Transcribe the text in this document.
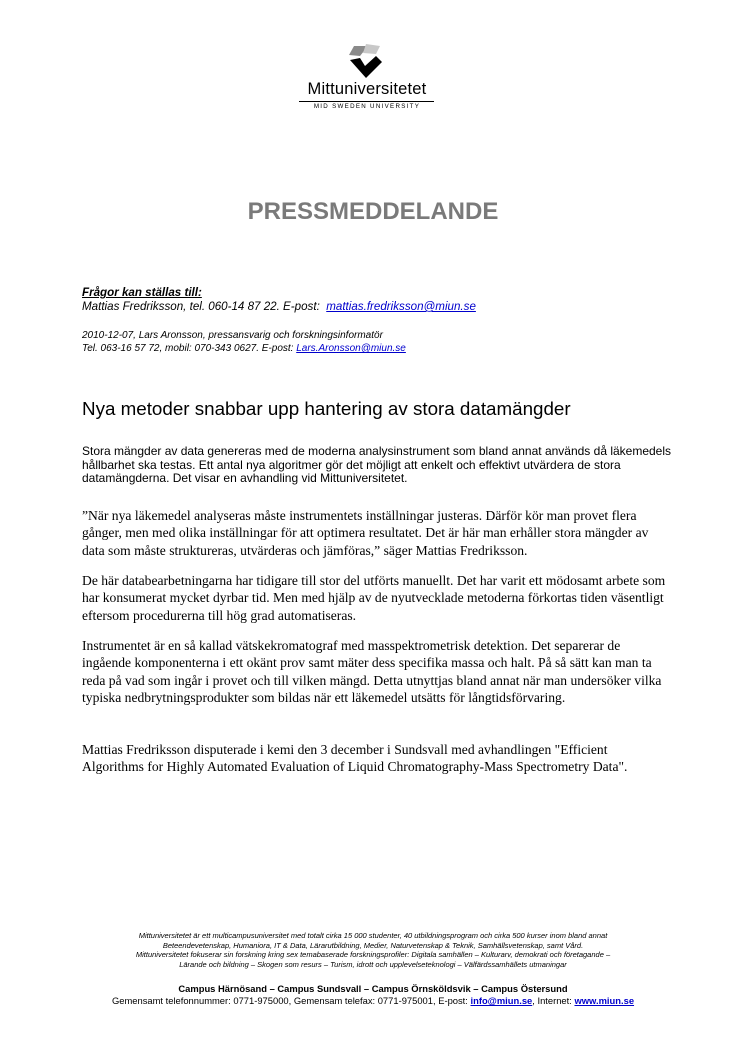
Mittuniversitetet
MID SWEDEN UNIVERSITY
PRESSMEDDELANDE
Frågor kan ställas till:
Mattias Fredriksson, tel. 060-14 87 22. E-post:  mattias.fredriksson@miun.se
2010-12-07, Lars Aronsson, pressansvarig och forskningsinformatör
Tel. 063-16 57 72, mobil: 070-343 0627. E-post: Lars.Aronsson@miun.se
Nya metoder snabbar upp hantering av stora datamängder
Stora mängder av data genereras med de moderna analysinstrument som bland annat används då läkemedels hållbarhet ska testas. Ett antal nya algoritmer gör det möjligt att enkelt och effektivt utvärdera de stora datamängderna. Det visar en avhandling vid Mittuniversitetet.
”När nya läkemedel analyseras måste instrumentets inställningar justeras. Därför kör man provet flera gånger, men med olika inställningar för att optimera resultatet. Det är här man erhåller stora mängder av data som måste struktureras, utvärderas och jämföras,” säger Mattias Fredriksson.
De här databearbetningarna har tidigare till stor del utförts manuellt. Det har varit ett mödosamt arbete som har konsumerat mycket dyrbar tid. Men med hjälp av de nyutvecklade metoderna förkortas tiden väsentligt eftersom procedurerna till hög grad automatiseras.
Instrumentet är en så kallad vätskekromatograf med masspektrometrisk detektion. Det separerar de ingående komponenterna i ett okänt prov samt mäter dess specifika massa och halt. På så sätt kan man ta reda på vad som ingår i provet och till vilken mängd. Detta utnyttjas bland annat när man undersöker vilka typiska nedbrytningsprodukter som bildas när ett läkemedel utsätts för långtidsförvaring.
Mattias Fredriksson disputerade i kemi den 3 december i Sundsvall med avhandlingen "Efficient Algorithms for Highly Automated Evaluation of Liquid Chromatography-Mass Spectrometry Data".
Mittuniversitetet är ett multicampusuniversitet med totalt cirka 15 000 studenter, 40 utbildningsprogram och cirka 500 kurser inom bland annat
Beteendevetenskap, Humaniora, IT & Data, Lärarutbildning, Medier, Naturvetenskap & Teknik, Samhällsvetenskap, samt Vård.
Mittuniversitetet fokuserar sin forskning kring sex temabaserade forskningsprofiler: Digitala samhällen – Kulturarv, demokrati och företagande –
Lärande och bildning – Skogen som resurs – Turism, idrott och upplevelseteknologi – Välfärdssamhällets utmaningar
Campus Härnösand – Campus Sundsvall – Campus Örnsköldsvik – Campus Östersund
Gemensamt telefonnummer: 0771-975000, Gemensam telefax: 0771-975001, E-post: info@miun.se, Internet: www.miun.se
